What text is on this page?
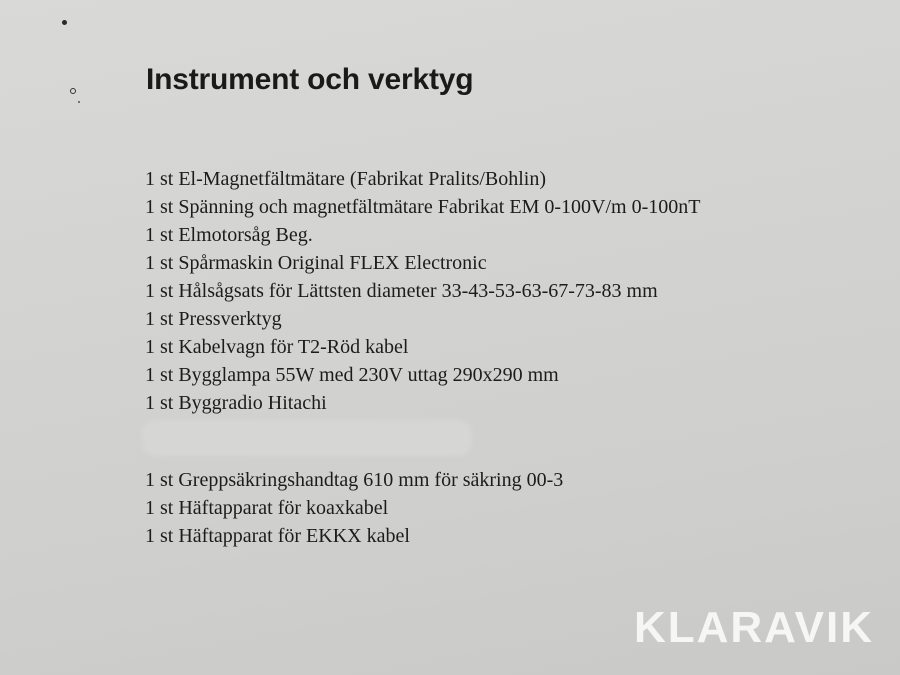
Instrument och verktyg
1 st El-Magnetfältmätare (Fabrikat Pralits/Bohlin)
1 st Spänning och magnetfältmätare Fabrikat EM 0-100V/m 0-100nT
1 st Elmotorsåg Beg.
1 st Spårmaskin Original FLEX Electronic
1 st Hålsågsats för Lättsten diameter 33-43-53-63-67-73-83 mm
1 st Pressverktyg
1 st Kabelvagn för T2-Röd kabel
1 st Bygglampa 55W med 230V uttag 290x290 mm
1 st Byggradio Hitachi
1 st Greppsäkringshandtag 610 mm för säkring 00-3
1 st Häftapparat för koaxkabel
1 st Häftapparat för EKKX kabel
KLARAVIK
